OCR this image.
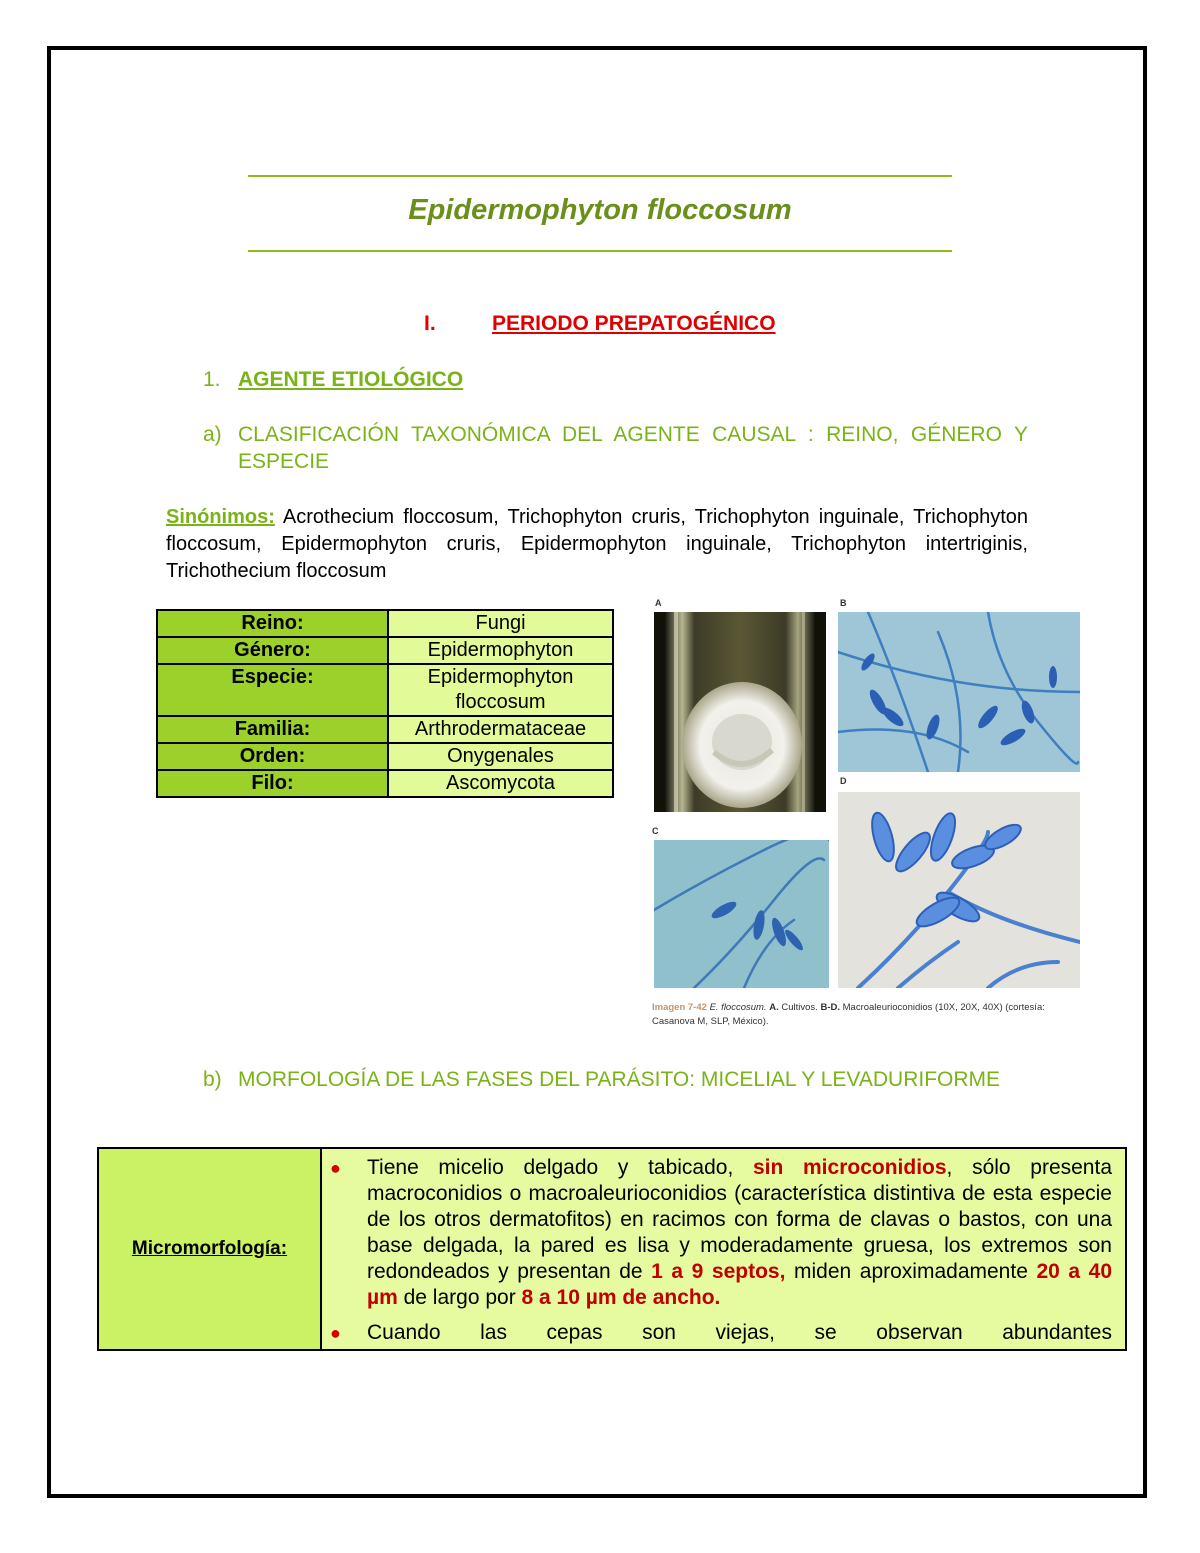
Epidermophyton floccosum
I.	PERIODO PREPATOGÉNICO
1. AGENTE ETIOLÓGICO
a) CLASIFICACIÓN TAXONÓMICA DEL AGENTE CAUSAL : REINO, GÉNERO Y ESPECIE
Sinónimos: Acrothecium floccosum, Trichophyton cruris, Trichophyton inguinale, Trichophyton floccosum, Epidermophyton cruris, Epidermophyton inguinale, Trichophyton intertriginis, Trichothecium floccosum
Reino:	Fungi
Género:	Epidermophyton
Especie:	Epidermophyton floccosum
Familia:	Arthrodermataceae
Orden:	Onygenales
Filo:	Ascomycota
A	B
D
C
Imagen 7-42 E. floccosum. A. Cultivos. B-D. Macroaleurioconidios (10X, 20X, 40X) (cortesía: Casanova M, SLP, México).
b) MORFOLOGÍA DE LAS FASES DEL PARÁSITO: MICELIAL Y LEVADURIFORME
Micromorfología:	
● Tiene micelio delgado y tabicado, sin microconidios, sólo presenta macroconidios o macroaleurioconidios (característica distintiva de esta especie de los otros dermatofitos) en racimos con forma de clavas o bastos, con una base delgada, la pared es lisa y moderadamente gruesa, los extremos son redondeados y presentan de 1 a 9 septos, miden aproximadamente 20 a 40 µm de largo por 8 a 10 µm de ancho.
● Cuando las cepas son viejas, se observan abundantes
